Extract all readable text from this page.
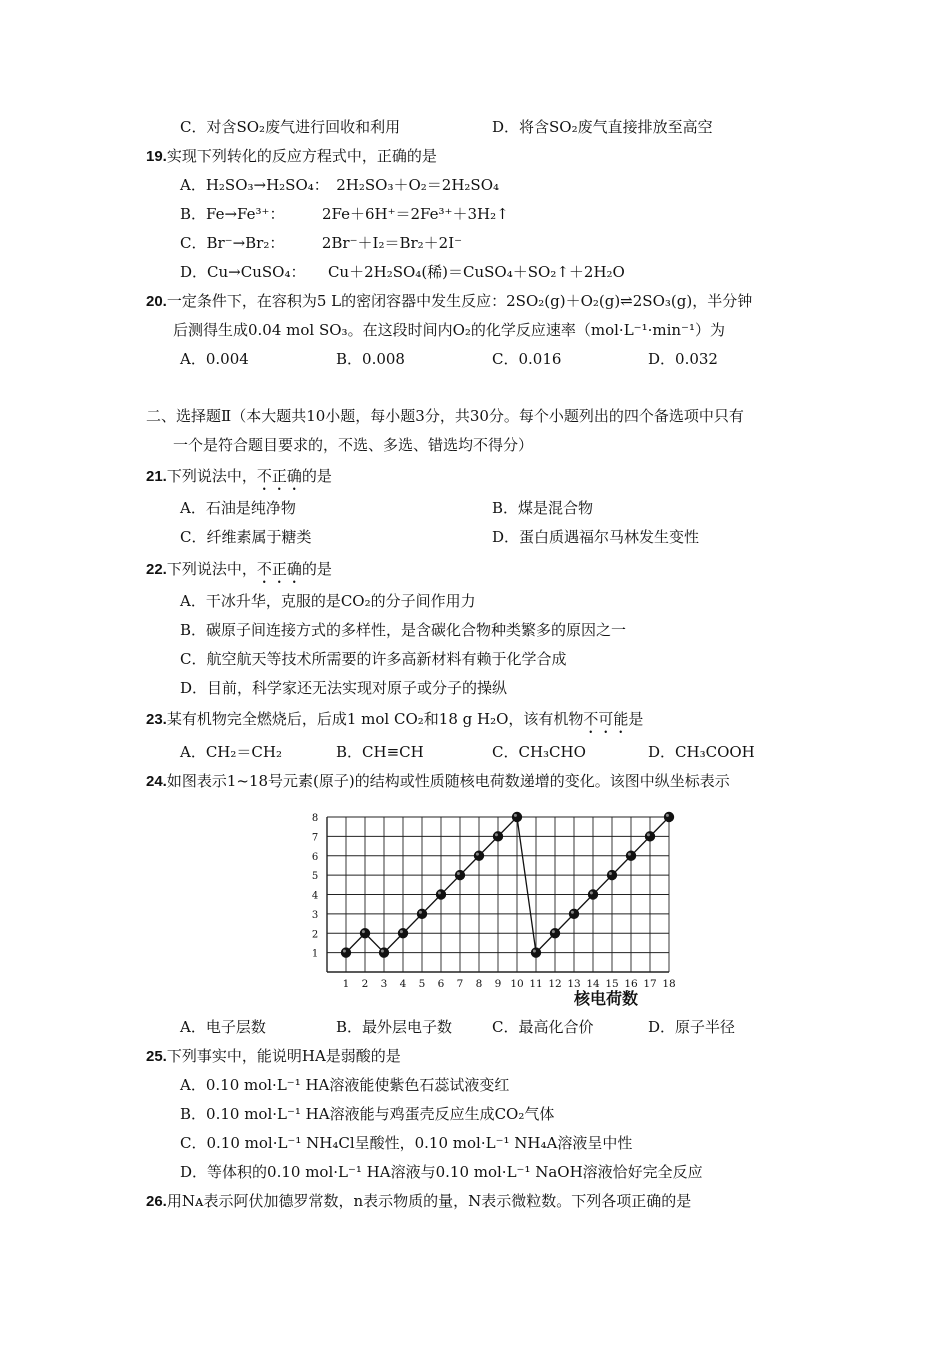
C．对含SO₂废气进行回收和利用	D．将含SO₂废气直接排放至高空
19.实现下列转化的反应方程式中，正确的是
A．H₂SO₃→H₂SO₄：　2H₂SO₃＋O₂＝2H₂SO₄
B．Fe→Fe³⁺：　　　2Fe＋6H⁺＝2Fe³⁺＋3H₂↑
C．Br⁻→Br₂：　　　2Br⁻＋I₂＝Br₂＋2I⁻
D．Cu→CuSO₄：　　Cu＋2H₂SO₄(稀)＝CuSO₄＋SO₂↑＋2H₂O
20.一定条件下，在容积为5 L的密闭容器中发生反应：2SO₂(g)＋O₂(g)⇌2SO₃(g)，半分钟
后测得生成0.04 mol SO₃。在这段时间内O₂的化学反应速率（mol·L⁻¹·min⁻¹）为
A．0.004	B．0.008	C．0.016	D．0.032
二、选择题Ⅱ（本大题共10小题，每小题3分，共30分。每个小题列出的四个备选项中只有
一个是符合题目要求的，不选、多选、错选均不得分）
21.下列说法中，不正确的是
A．石油是纯净物	B．煤是混合物
C．纤维素属于糖类	D．蛋白质遇福尔马林发生变性
22.下列说法中，不正确的是
A．干冰升华，克服的是CO₂的分子间作用力
B．碳原子间连接方式的多样性，是含碳化合物种类繁多的原因之一
C．航空航天等技术所需要的许多高新材料有赖于化学合成
D．目前，科学家还无法实现对原子或分子的操纵
23.某有机物完全燃烧后，后成1 mol CO₂和18 g H₂O，该有机物不可能是
A．CH₂＝CH₂	B．CH≡CH	C．CH₃CHO	D．CH₃COOH
24.如图表示1~18号元素(原子)的结构或性质随核电荷数递增的变化。该图中纵坐标表示
1
2
3
4
5
6
7
8
1 2 3 4 5 6 7 8 9 10 11 12 13 14 15 16 17 18
核电荷数
A．电子层数	B．最外层电子数	C．最高化合价	D．原子半径
25.下列事实中，能说明HA是弱酸的是
A．0.10 mol·L⁻¹ HA溶液能使紫色石蕊试液变红
B．0.10 mol·L⁻¹ HA溶液能与鸡蛋壳反应生成CO₂气体
C．0.10 mol·L⁻¹ NH₄Cl呈酸性，0.10 mol·L⁻¹ NH₄A溶液呈中性
D．等体积的0.10 mol·L⁻¹ HA溶液与0.10 mol·L⁻¹ NaOH溶液恰好完全反应
26.用Nᴀ表示阿伏加德罗常数，n表示物质的量，N表示微粒数。下列各项正确的是
